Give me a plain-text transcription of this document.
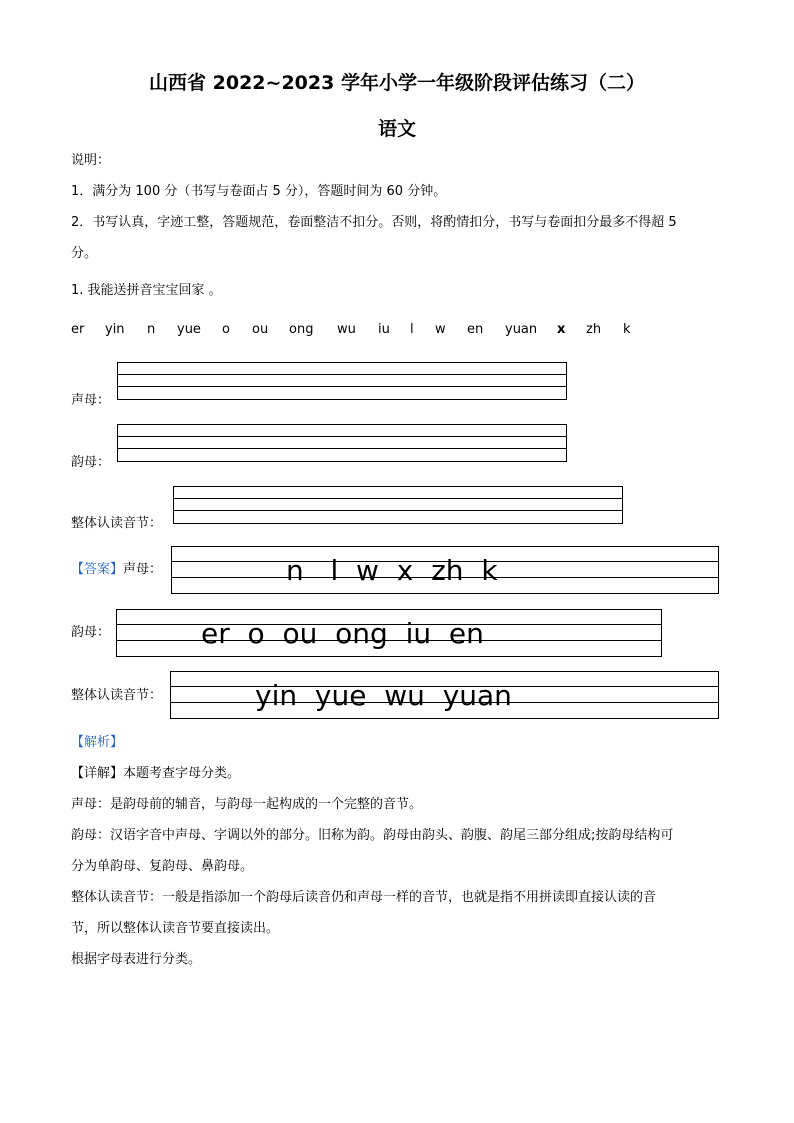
山西省 2022~2023 学年小学一年级阶段评估练习（二）
语文
说明：
1．满分为 100 分（书写与卷面占 5 分），答题时间为 60 分钟。
2．书写认真，字迹工整，答题规范，卷面整洁不扣分。否则，将酌情扣分，书写与卷面扣分最多不得超 5
分。
1. 我能送拼音宝宝回家 。
er yin n yue o ou ong wu iu l w en yuan x zh k
声母：
韵母：
整体认读音节：
【答案】声母：	n   l  w  x  zh  k
韵母：	er  o  ou  ong  iu  en
整体认读音节：	yin  yue  wu  yuan
【解析】
【详解】本题考查字母分类。
声母：是韵母前的辅音，与韵母一起构成的一个完整的音节。
韵母：汉语字音中声母、字调以外的部分。旧称为韵。韵母由韵头、韵腹、韵尾三部分组成;按韵母结构可
分为单韵母、复韵母、鼻韵母。
整体认读音节：一般是指添加一个韵母后读音仍和声母一样的音节，也就是指不用拼读即直接认读的音
节，所以整体认读音节要直接读出。
根据字母表进行分类。
